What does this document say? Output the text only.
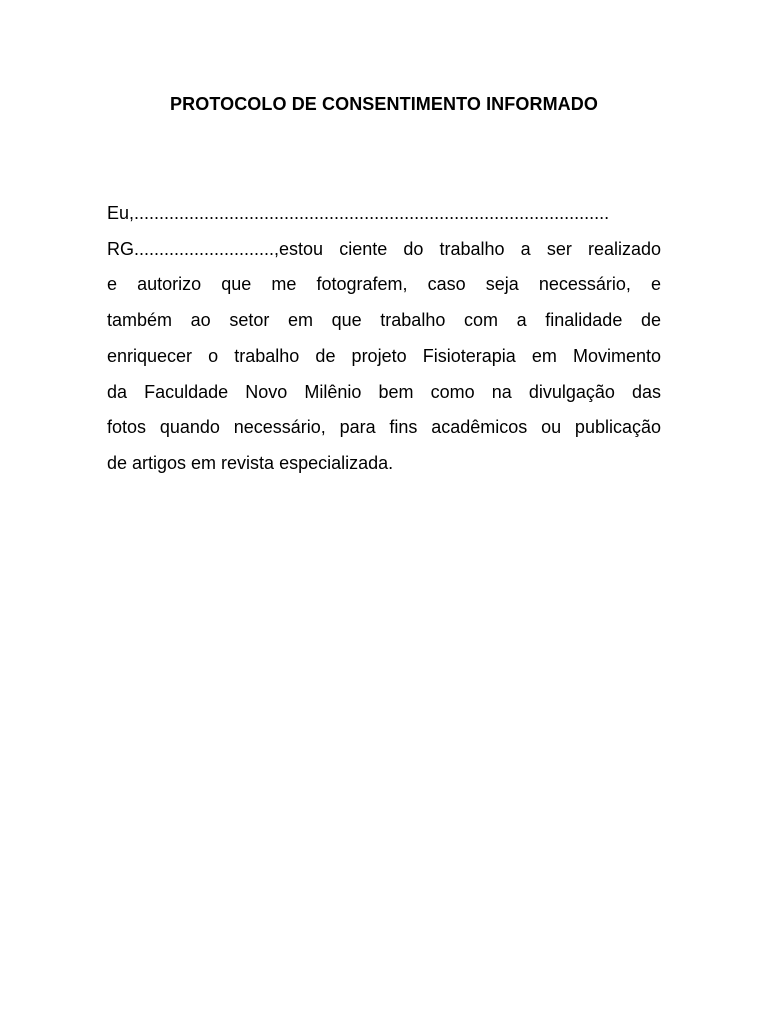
PROTOCOLO DE CONSENTIMENTO INFORMADO
Eu,...............................................................................................
RG............................,estou ciente do trabalho a ser realizado
e autorizo que me fotografem, caso seja necessário, e
também ao setor em que trabalho com a finalidade de
enriquecer o trabalho de projeto Fisioterapia em Movimento
da Faculdade Novo Milênio bem como na divulgação das
fotos quando necessário, para fins acadêmicos ou publicação
de artigos em revista especializada.
